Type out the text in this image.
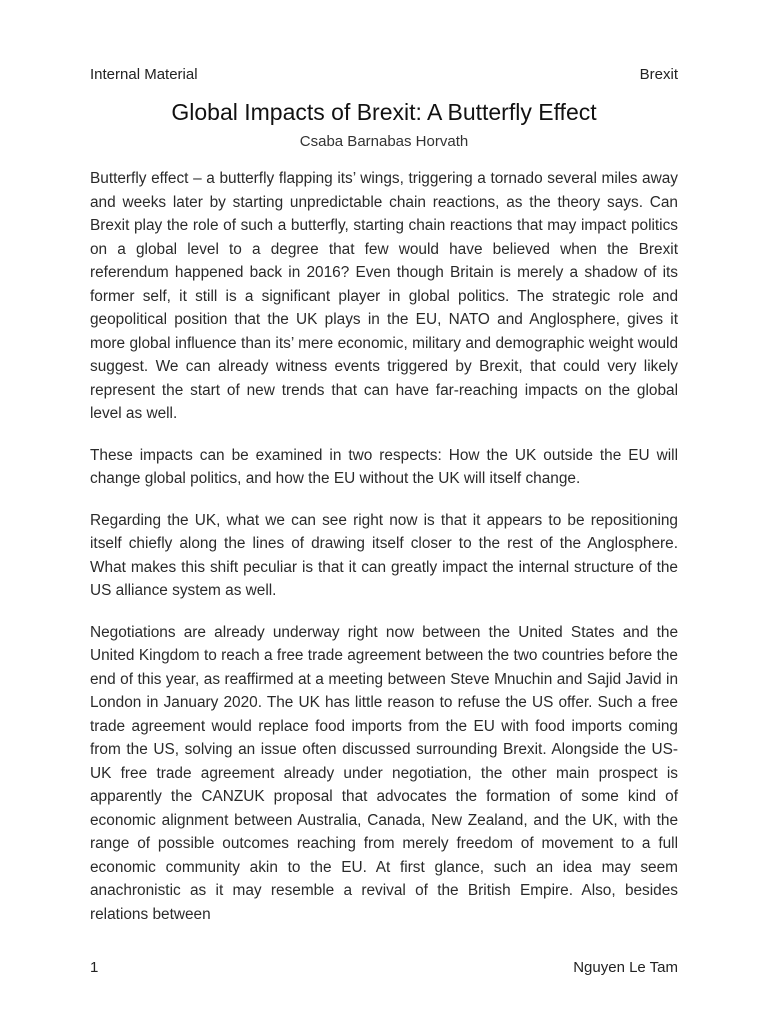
Internal Material	Brexit
Global Impacts of Brexit: A Butterfly Effect
Csaba Barnabas Horvath

Butterfly effect – a butterfly flapping its’ wings, triggering a tornado several miles away and weeks later by starting unpredictable chain reactions, as the theory says. Can Brexit play the role of such a butterfly, starting chain reactions that may impact politics on a global level to a degree that few would have believed when the Brexit referendum happened back in 2016? Even though Britain is merely a shadow of its former self, it still is a significant player in global politics. The strategic role and geopolitical position that the UK plays in the EU, NATO and Anglosphere, gives it more global influence than its’ mere economic, military and demographic weight would suggest. We can already witness events triggered by Brexit, that could very likely represent the start of new trends that can have far-reaching impacts on the global level as well.

These impacts can be examined in two respects: How the UK outside the EU will change global politics, and how the EU without the UK will itself change.

Regarding the UK, what we can see right now is that it appears to be repositioning itself chiefly along the lines of drawing itself closer to the rest of the Anglosphere. What makes this shift peculiar is that it can greatly impact the internal structure of the US alliance system as well.

Negotiations are already underway right now between the United States and the United Kingdom to reach a free trade agreement between the two countries before the end of this year, as reaffirmed at a meeting between Steve Mnuchin and Sajid Javid in London in January 2020. The UK has little reason to refuse the US offer. Such a free trade agreement would replace food imports from the EU with food imports coming from the US, solving an issue often discussed surrounding Brexit. Alongside the US-UK free trade agreement already under negotiation, the other main prospect is apparently the CANZUK proposal that advocates the formation of some kind of economic alignment between Australia, Canada, New Zealand, and the UK, with the range of possible outcomes reaching from merely freedom of movement to a full economic community akin to the EU. At first glance, such an idea may seem anachronistic as it may resemble a revival of the British Empire. Also, besides relations between

1	Nguyen Le Tam
